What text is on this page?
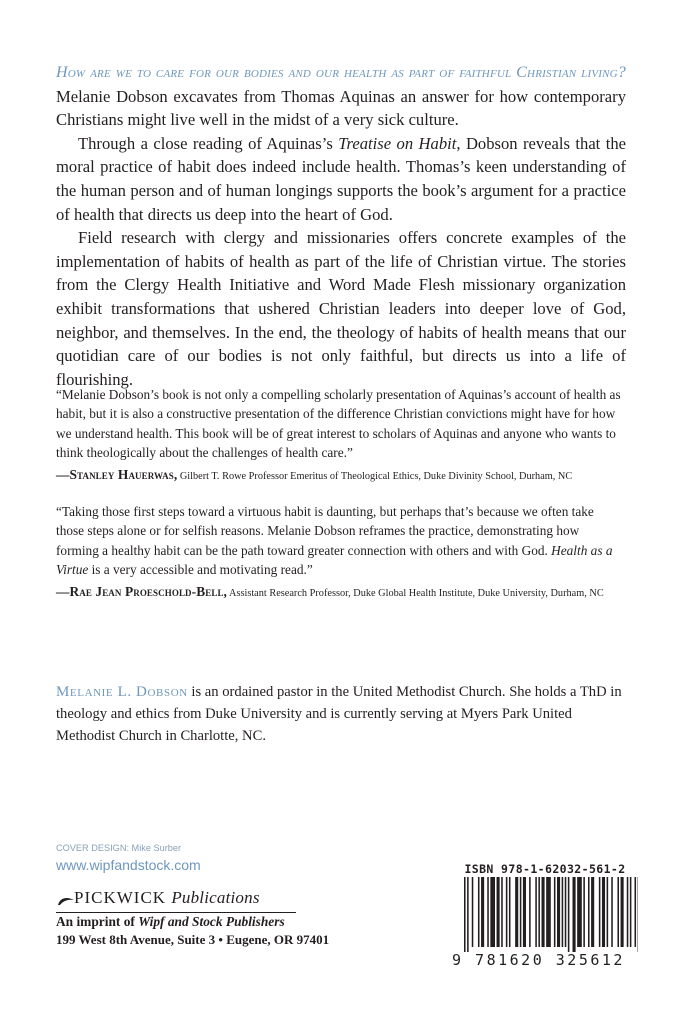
How are we to care for our bodies and our health as part of faithful Christian living? Melanie Dobson excavates from Thomas Aquinas an answer for how contemporary Christians might live well in the midst of a very sick culture.

Through a close reading of Aquinas’s Treatise on Habit, Dobson reveals that the moral practice of habit does indeed include health. Thomas’s keen understanding of the human person and of human longings supports the book’s argument for a practice of health that directs us deep into the heart of God.

Field research with clergy and missionaries offers concrete examples of the implementation of habits of health as part of the life of Christian virtue. The stories from the Clergy Health Initiative and Word Made Flesh missionary organization exhibit transformations that ushered Christian leaders into deeper love of God, neighbor, and themselves. In the end, the theology of habits of health means that our quotidian care of our bodies is not only faithful, but directs us into a life of flourishing.

“Melanie Dobson’s book is not only a compelling scholarly presentation of Aquinas’s account of health as habit, but it is also a constructive presentation of the difference Christian convictions might have for how we understand health. This book will be of great interest to scholars of Aquinas and anyone who wants to think theologically about the challenges of health care.”

—Stanley Hauerwas, Gilbert T. Rowe Professor Emeritus of Theological Ethics, Duke Divinity School, Durham, NC

“Taking those first steps toward a virtuous habit is daunting, but perhaps that’s because we often take those steps alone or for selfish reasons. Melanie Dobson reframes the practice, demonstrating how forming a healthy habit can be the path toward greater connection with others and with God. Health as a Virtue is a very accessible and motivating read.”

—Rae Jean Proeschold-Bell, Assistant Research Professor, Duke Global Health Institute, Duke University, Durham, NC

Melanie L. Dobson is an ordained pastor in the United Methodist Church. She holds a ThD in theology and ethics from Duke University and is currently serving at Myers Park United Methodist Church in Charlotte, NC.
COVER DESIGN: Mike Surber
www.wipfandstock.com
PICKWICK Publications
An imprint of Wipf and Stock Publishers
199 West 8th Avenue, Suite 3 • Eugene, OR 97401
ISBN 978-1-62032-561-2
9 781620 325612
